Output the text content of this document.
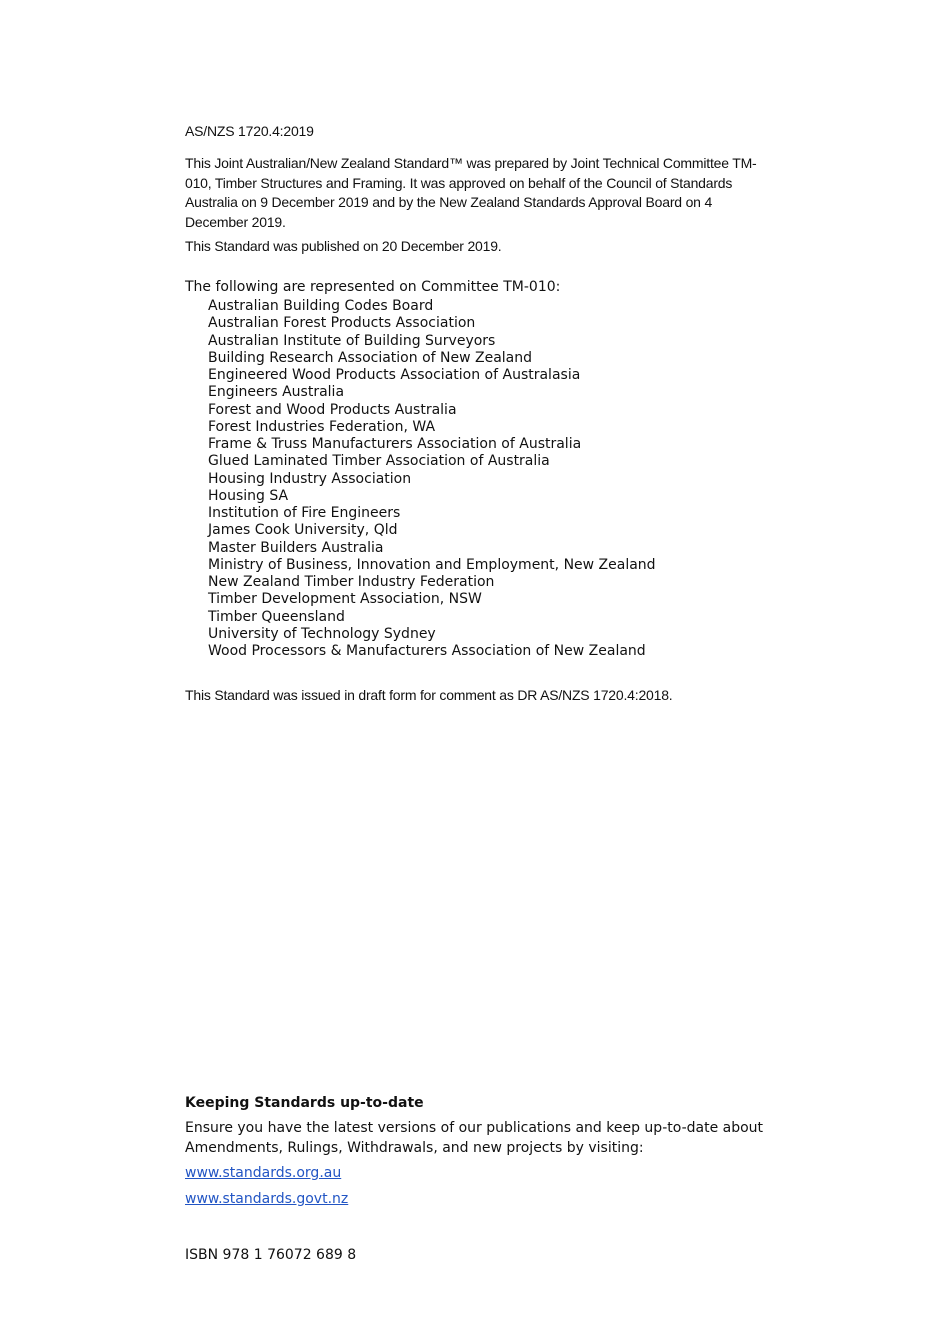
AS/NZS 1720.4:2019

This Joint Australian/New Zealand Standard™ was prepared by Joint Technical Committee TM-010, Timber Structures and Framing. It was approved on behalf of the Council of Standards Australia on 9 December 2019 and by the New Zealand Standards Approval Board on 4 December 2019.

This Standard was published on 20 December 2019.

The following are represented on Committee TM-010:

Australian Building Codes Board
Australian Forest Products Association
Australian Institute of Building Surveyors
Building Research Association of New Zealand
Engineered Wood Products Association of Australasia
Engineers Australia
Forest and Wood Products Australia
Forest Industries Federation, WA
Frame & Truss Manufacturers Association of Australia
Glued Laminated Timber Association of Australia
Housing Industry Association
Housing SA
Institution of Fire Engineers
James Cook University, Qld
Master Builders Australia
Ministry of Business, Innovation and Employment, New Zealand
New Zealand Timber Industry Federation
Timber Development Association, NSW
Timber Queensland
University of Technology Sydney
Wood Processors & Manufacturers Association of New Zealand

This Standard was issued in draft form for comment as DR AS/NZS 1720.4:2018.

Keeping Standards up-to-date

Ensure you have the latest versions of our publications and keep up-to-date about Amendments, Rulings, Withdrawals, and new projects by visiting:

www.standards.org.au
www.standards.govt.nz

ISBN 978 1 76072 689 8
